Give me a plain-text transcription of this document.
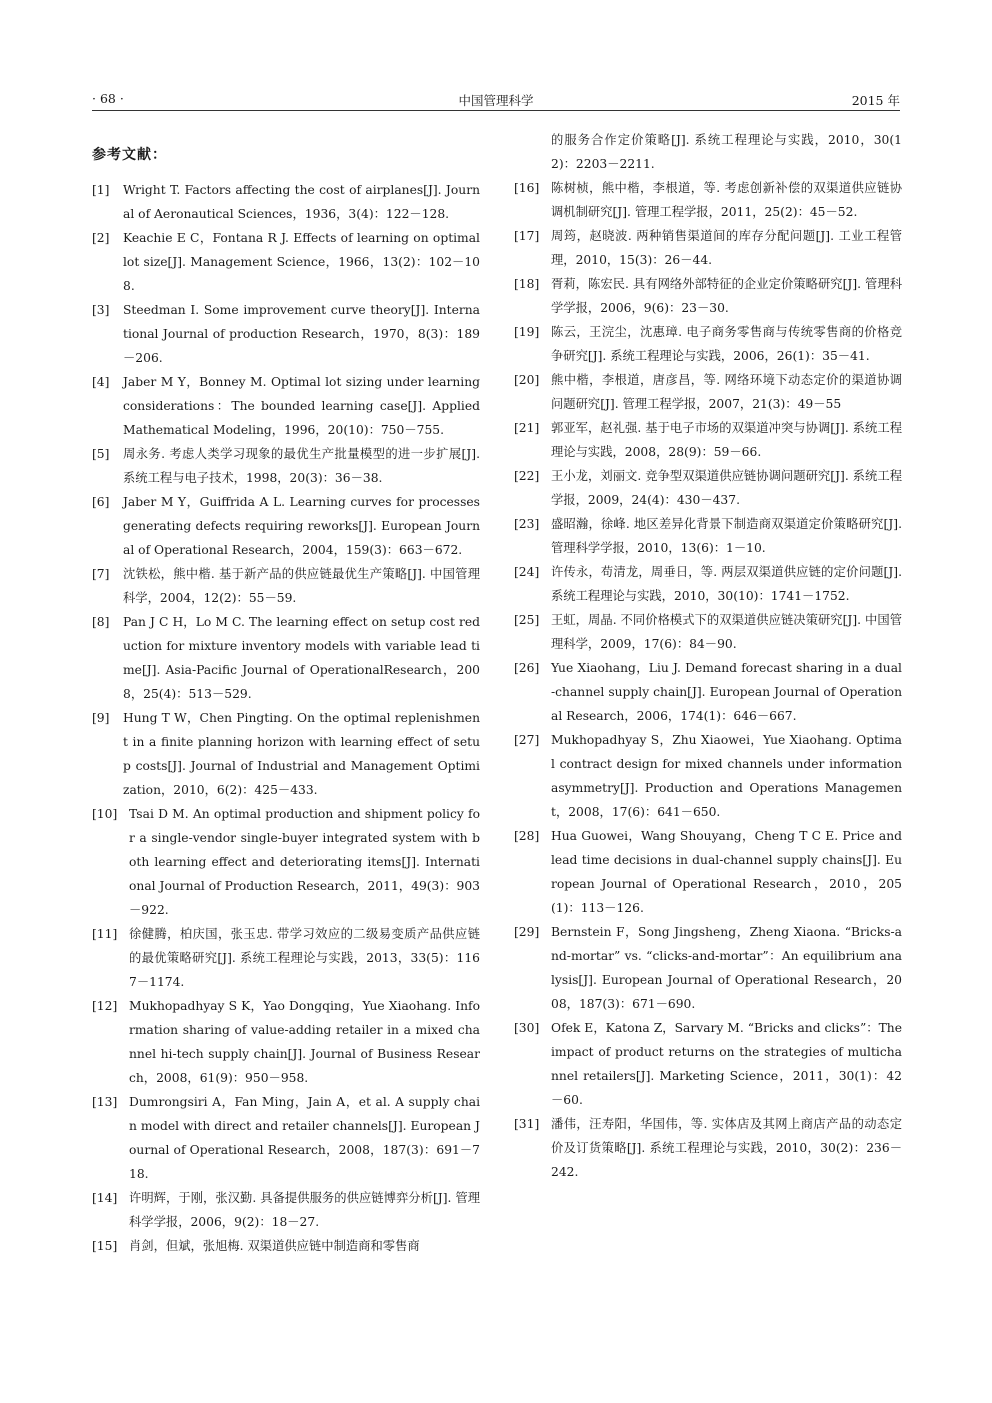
· 68 ·	中国管理科学	2015 年
参考文献：
[1] Wright T. Factors affecting the cost of airplanes[J]. Journal of Aeronautical Sciences，1936，3(4)：122－128.
[2] Keachie E C，Fontana R J. Effects of learning on optimal lot size[J]. Management Science，1966，13(2)：102－108.
[3] Steedman I. Some improvement curve theory[J]. International Journal of production Research，1970，8(3)：189－206.
[4] Jaber M Y，Bonney M. Optimal lot sizing under learning considerations：The bounded learning case[J]. Applied Mathematical Modeling，1996，20(10)：750－755.
[5] 周永务. 考虑人类学习现象的最优生产批量模型的进一步扩展[J]. 系统工程与电子技术，1998，20(3)：36－38.
[6] Jaber M Y，Guiffrida A L. Learning curves for processes generating defects requiring reworks[J]. European Journal of Operational Research，2004，159(3)：663－672.
[7] 沈铁松，熊中楷. 基于新产品的供应链最优生产策略[J]. 中国管理科学，2004，12(2)：55－59.
[8] Pan J C H，Lo M C. The learning effect on setup cost reduction for mixture inventory models with variable lead time[J]. Asia-Pacific Journal of OperationalResearch，2008，25(4)：513－529.
[9] Hung T W，Chen Pingting. On the optimal replenishment in a finite planning horizon with learning effect of setup costs[J]. Journal of Industrial and Management Optimization，2010，6(2)：425－433.
[10] Tsai D M. An optimal production and shipment policy for a single-vendor single-buyer integrated system with both learning effect and deteriorating items[J]. International Journal of Production Research，2011，49(3)：903－922.
[11] 徐健腾，柏庆国，张玉忠. 带学习效应的二级易变质产品供应链的最优策略研究[J]. 系统工程理论与实践，2013，33(5)：1167－1174.
[12] Mukhopadhyay S K，Yao Dongqing，Yue Xiaohang. Information sharing of value-adding retailer in a mixed channel hi-tech supply chain[J]. Journal of Business Research，2008，61(9)：950－958.
[13] Dumrongsiri A，Fan Ming，Jain A，et al. A supply chain model with direct and retailer channels[J]. European Journal of Operational Research，2008，187(3)：691－718.
[14] 许明辉，于刚，张汉勤. 具备提供服务的供应链博弈分析[J]. 管理科学学报，2006，9(2)：18－27.
[15] 肖剑，但斌，张旭梅. 双渠道供应链中制造商和零售商
的服务合作定价策略[J]. 系统工程理论与实践，2010，30(12)：2203－2211.
[16] 陈树桢，熊中楷，李根道，等. 考虑创新补偿的双渠道供应链协调机制研究[J]. 管理工程学报，2011，25(2)：45－52.
[17] 周筠，赵晓波. 两种销售渠道间的库存分配问题[J]. 工业工程管理，2010，15(3)：26－44.
[18] 胥莉，陈宏民. 具有网络外部特征的企业定价策略研究[J]. 管理科学学报，2006，9(6)：23－30.
[19] 陈云，王浣尘，沈惠璋. 电子商务零售商与传统零售商的价格竞争研究[J]. 系统工程理论与实践，2006，26(1)：35－41.
[20] 熊中楷，李根道，唐彦昌，等. 网络环境下动态定价的渠道协调问题研究[J]. 管理工程学报，2007，21(3)：49－55
[21] 郭亚军，赵礼强. 基于电子市场的双渠道冲突与协调[J]. 系统工程理论与实践，2008，28(9)：59－66.
[22] 王小龙，刘丽文. 竞争型双渠道供应链协调问题研究[J]. 系统工程学报，2009，24(4)：430－437.
[23] 盛昭瀚，徐峰. 地区差异化背景下制造商双渠道定价策略研究[J]. 管理科学学报，2010，13(6)：1－10.
[24] 许传永，苟清龙，周垂日，等. 两层双渠道供应链的定价问题[J]. 系统工程理论与实践，2010，30(10)：1741－1752.
[25] 王虹，周晶. 不同价格模式下的双渠道供应链决策研究[J]. 中国管理科学，2009，17(6)：84－90.
[26] Yue Xiaohang，Liu J. Demand forecast sharing in a dual-channel supply chain[J]. European Journal of Operational Research，2006，174(1)：646－667.
[27] Mukhopadhyay S，Zhu Xiaowei，Yue Xiaohang. Optimal contract design for mixed channels under information asymmetry[J]. Production and Operations Management，2008，17(6)：641－650.
[28] Hua Guowei，Wang Shouyang，Cheng T C E. Price and lead time decisions in dual-channel supply chains[J]. European Journal of Operational Research，2010，205(1)：113－126.
[29] Bernstein F，Song Jingsheng，Zheng Xiaona. “Bricks-and-mortar” vs. “clicks-and-mortar”：An equilibrium analysis[J]. European Journal of Operational Research，2008，187(3)：671－690.
[30] Ofek E，Katona Z，Sarvary M. “Bricks and clicks”：The impact of product returns on the strategies of multichannel retailers[J]. Marketing Science，2011，30(1)：42－60.
[31] 潘伟，汪寿阳，华国伟，等. 实体店及其网上商店产品的动态定价及订货策略[J]. 系统工程理论与实践，2010，30(2)：236－242.
